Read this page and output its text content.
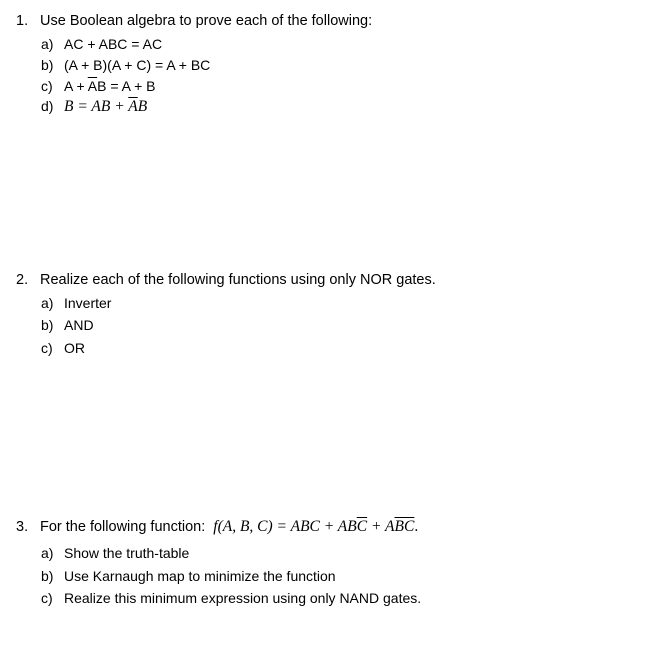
1. Use Boolean algebra to prove each of the following:
a) AC + ABC = AC
b) (A + B)(A + C) = A + BC
c) $A + \overline{A}B = A + B$
d) B = AB + $\overline{A}B$
2. Realize each of the following functions using only NOR gates.
a) Inverter
b) AND
c) OR
3. For the following function: f(A, B, C) = ABC + $AB\overline{C} + A\overline{BC}$.
a) Show the truth-table
b) Use Karnaugh map to minimize the function
c) Realize this minimum expression using only NAND gates.
